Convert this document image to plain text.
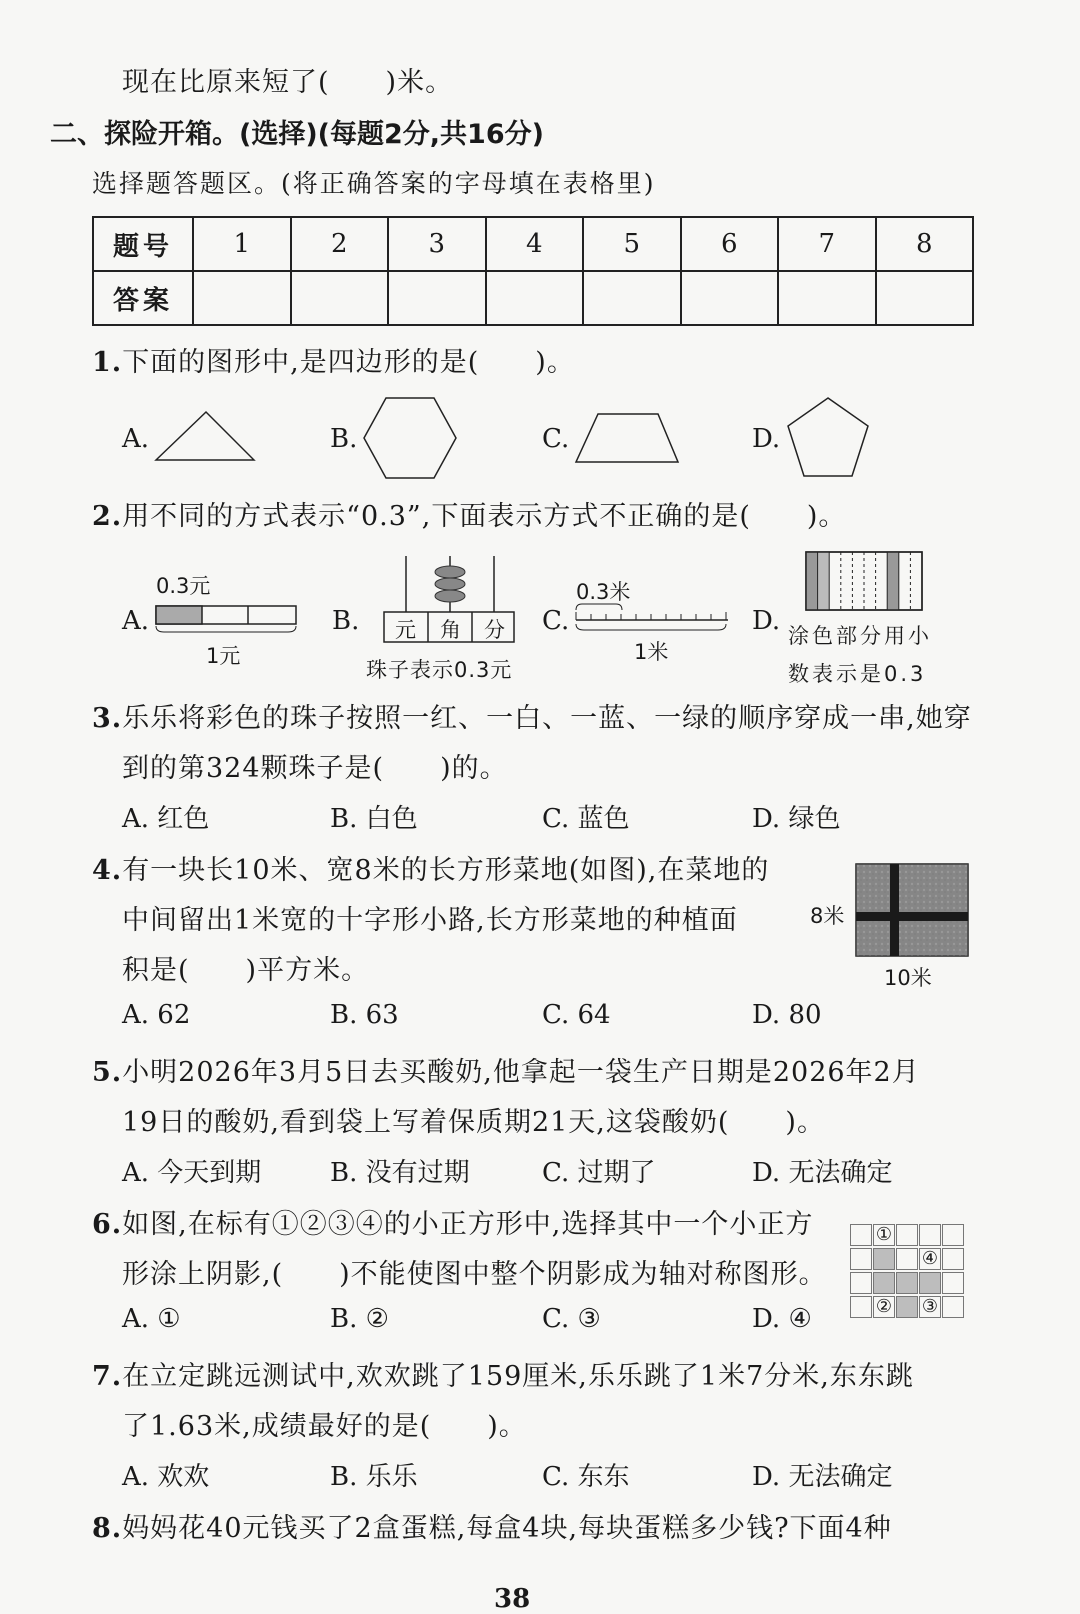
现在比原来短了(　　)米。
二、探险开箱。(选择)(每题2分,共16分)
选择题答题区。(将正确答案的字母填在表格里)
题号	1	2	3	4	5	6	7	8
答案								
1.下面的图形中,是四边形的是(　　)。
A.	B.	C.	D.
2.用不同的方式表示“0.3”,下面表示方式不正确的是(　　)。
A.
0.3元
1元
B. 元 角 分
珠子表示0.3元
C.
0.3米
1米
D. 涂色部分用小
数表示是0.3
3.乐乐将彩色的珠子按照一红、一白、一蓝、一绿的顺序穿成一串,她穿
到的第324颗珠子是(　　)的。
A. 红色	B. 白色	C. 蓝色	D. 绿色
4.有一块长10米、宽8米的长方形菜地(如图),在菜地的
中间留出1米宽的十字形小路,长方形菜地的种植面
积是(　　)平方米。
8米
10米
A. 62	B. 63	C. 64	D. 80
5.小明2026年3月5日去买酸奶,他拿起一袋生产日期是2026年2月
19日的酸奶,看到袋上写着保质期21天,这袋酸奶(　　)。
A. 今天到期	B. 没有过期	C. 过期了	D. 无法确定
6.如图,在标有①②③④的小正方形中,选择其中一个小正方
形涂上阴影,(　　)不能使图中整个阴影成为轴对称图形。
①
④
② ③
A. ①	B. ②	C. ③	D. ④
7.在立定跳远测试中,欢欢跳了159厘米,乐乐跳了1米7分米,东东跳
了1.63米,成绩最好的是(　　)。
A. 欢欢	B. 乐乐	C. 东东	D. 无法确定
8.妈妈花40元钱买了2盒蛋糕,每盒4块,每块蛋糕多少钱?下面4种
38
